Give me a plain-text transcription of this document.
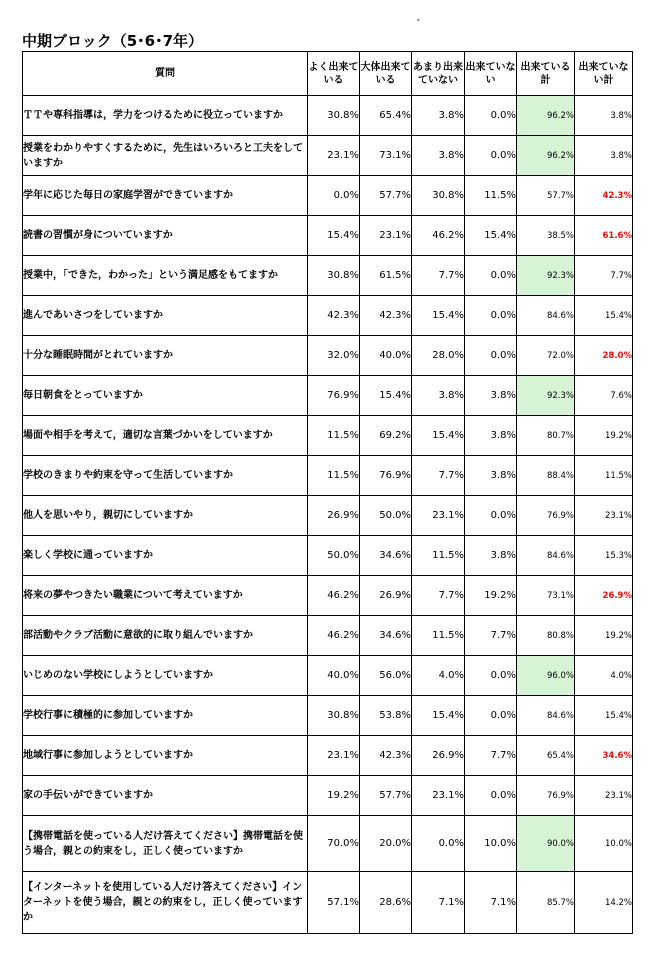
中期ブロック（5･6･7年）
•
質問	よく出来ている	大体出来ている	あまり出来ていない	出来ていない	出来ている計	出来ていない計
ＴＴや専科指導は，学力をつけるために役立っていますか	30.8%	65.4%	3.8%	0.0%	96.2%	3.8%
授業をわかりやすくするために，先生はいろいろと工夫をしていますか	23.1%	73.1%	3.8%	0.0%	96.2%	3.8%
学年に応じた毎日の家庭学習ができていますか	0.0%	57.7%	30.8%	11.5%	57.7%	42.3%
読書の習慣が身についていますか	15.4%	23.1%	46.2%	15.4%	38.5%	61.6%
授業中，「できた，わかった」という満足感をもてますか	30.8%	61.5%	7.7%	0.0%	92.3%	7.7%
進んであいさつをしていますか	42.3%	42.3%	15.4%	0.0%	84.6%	15.4%
十分な睡眠時間がとれていますか	32.0%	40.0%	28.0%	0.0%	72.0%	28.0%
毎日朝食をとっていますか	76.9%	15.4%	3.8%	3.8%	92.3%	7.6%
場面や相手を考えて，適切な言葉づかいをしていますか	11.5%	69.2%	15.4%	3.8%	80.7%	19.2%
学校のきまりや約束を守って生活していますか	11.5%	76.9%	7.7%	3.8%	88.4%	11.5%
他人を思いやり，親切にしていますか	26.9%	50.0%	23.1%	0.0%	76.9%	23.1%
楽しく学校に通っていますか	50.0%	34.6%	11.5%	3.8%	84.6%	15.3%
将来の夢やつきたい職業について考えていますか	46.2%	26.9%	7.7%	19.2%	73.1%	26.9%
部活動やクラブ活動に意欲的に取り組んでいますか	46.2%	34.6%	11.5%	7.7%	80.8%	19.2%
いじめのない学校にしようとしていますか	40.0%	56.0%	4.0%	0.0%	96.0%	4.0%
学校行事に積極的に参加していますか	30.8%	53.8%	15.4%	0.0%	84.6%	15.4%
地域行事に参加しようとしていますか	23.1%	42.3%	26.9%	7.7%	65.4%	34.6%
家の手伝いができていますか	19.2%	57.7%	23.1%	0.0%	76.9%	23.1%
【携帯電話を使っている人だけ答えてください】携帯電話を使う場合，親との約束をし，正しく使っていますか	70.0%	20.0%	0.0%	10.0%	90.0%	10.0%
【インターネットを使用している人だけ答えてください】インターネットを使う場合，親との約束をし，正しく使っていますか	57.1%	28.6%	7.1%	7.1%	85.7%	14.2%
